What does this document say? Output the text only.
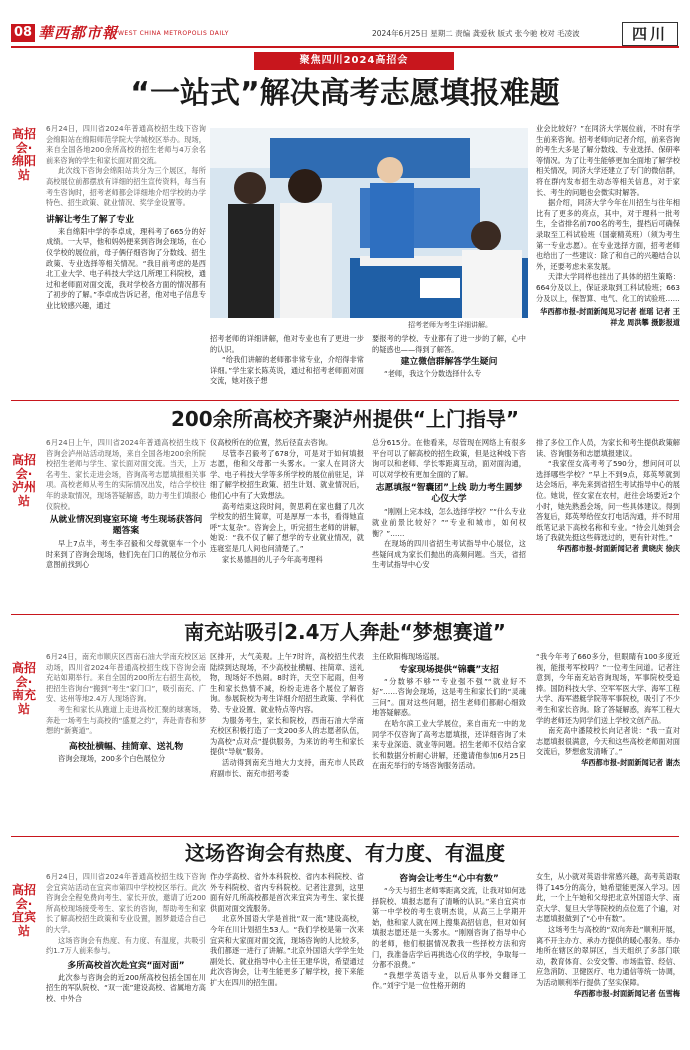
08 華西都市報 WEST CHINA METROPOLIS DAILY	2024年6月25日 星期二 责编 龚爱秋 版式 张今驰 校对 毛凌波	四川
聚焦四川2024高招会
“一站式”解决高考志愿填报难题
高招会·绵阳站

6月24日，四川省2024年普通高校招生线下咨询会绵阳站在绵阳师范学院大学城校区举办。现场，来自全国各地200余所高校的招生老师与4万余名前来咨询的学生和家长面对面交流。

此次线下咨询会绵阳站共分为三个展区，每所高校展位前都摆放有详细的招生宣传资料，每当有考生咨询时，招考老师都会详细地介绍学校的办学特色、招生政策、就业情况、奖学金设置等。

讲解让考生了解了专业

来自绵阳中学的李卓成，理科考了665分的好成绩。一大早，他和妈妈便来到咨询会现场，在心仪学校的展位前，母子俩仔细咨询了分数线、招生政策、专业选择等相关情况。“我目前考虑的是西北工业大学、电子科技大学这几所理工科院校，通过和老师面对面交流，我对学校各方面的情况都有了初步的了解。”李卓成告诉记者，他对电子信息专业比较感兴趣，通过

招考老师为考生详细讲解。

招考老师的详细讲解，他对专业也有了更进一步的认识。

“给我们讲解的老师都非常专业，介绍得非常详细。”学生家长陈英说，通过和招考老师面对面交流，她对孩子想

要报考的学校、专业都有了进一步的了解，心中的疑惑也——得到了解答。

建立微信群解答学生疑问

“老师，我这个分数选择什么专

业会比较好？”在同济大学展位前，不时有学生前来咨询。招考老师向记者介绍，前来咨询的考生大多是了解分数线、专业选择、保研率等情况。为了让考生能够更加全面地了解学校相关情况，同济大学还建立了专门的微信群，将在群内发布招生动态等相关信息，对于家长、考生的问题也会微实时解答。

据介绍，同济大学今年在川招生与往年相比有了更多的亮点，其中，对于理科一批考生，全省排名前700名的考生，提档后可确保录取至工科试验班（国豪精英班）（须为考生第一专业志愿）。在专业选择方面，招考老师也给出了一些建议：除了和自己的兴趣结合以外，还要考虑未来发展。

天津大学同样也挂出了具体的招生策略：664分及以上，保证录取到工科试验班；663分及以上，保智算、电气、化工的试验班……

华西都市报-封面新闻见习记者 崔瑶 记者 王祥龙 周洪攀 摄影报道

200余所高校齐聚泸州提供“上门指导”
高招会·泸州站

6月24日上午，四川省2024年普通高校招生线下咨询会泸州站活动现场，来自全国各地200余所院校招生老师与学生、家长面对面交流。当天，上万名考生、家长走进会场，咨询高考志愿填报相关事项。高校老师从考生的实际情况出发，结合学校往年的录取情况，现场答疑解惑，助力考生们填报心仪院校。

从就业情况到寝室环境 考生现场获答问题答案

早上7点半，考生李召毅和父母就驱车一个小时来到了咨询会现场，他们先在门口的展位分布示意图前找到心

仪高校所在的位置，然后径直去咨询。

尽管李召毅考了678分，可是对于如何填报志愿，他和父母都一头雾水。一家人在同济大学、电子科技大学等多所学校的展位前驻足，详细了解学校招生政策、招生计划、就业情况后，他们心中有了大致想法。

高考结束这段时间，贺思莉在家也翻了几次学校发的招生简章，可是厚厚一本书，看得她直呼“太复杂”。咨询会上，听完招生老师的讲解，她说：“我不仅了解了想学的专业就业情况，就连寝室是几人间也问清楚了。”

家长易德昌的儿子今年高考理科

总分615分。在他看来，尽管现在网络上有很多平台可以了解高校的招生政策，但是这种线下咨询可以和老师、学长零距离互动，面对面沟通，可以对学校有更加全面的了解。

志愿填报“智囊团”上线 助力考生圆梦心仪大学

“刚刚上完本线，怎么选择学校？”“什么专业就业前景比较好？”“专业和城市，如何权衡？”……

在现场的四川省招生考试指导中心展位，这些疑问成为家长们抛出的高频问题。当天，省招生考试指导中心安

排了多位工作人员，为家长和考生提供政策解读、咨询服务和志愿填报建议。

“我家侄女高考考了590分，想问问可以选择哪些学校？”早上不到9点，郑英琴就到达会场后，率先来到省招生考试指导中心的展位。她说，侄女家在农村，赶往会场要近2个小时，她先熟悉会场，问一些具体建议。得到答复后，郑英琴给侄女打电话沟通，并不时用纸笔记录下高校名称和专业。“待会儿她到会场了我就先挺这些筛选过的，更有针对性。”

华西都市报-封面新闻记者 黄晓庆 徐庆

南充站吸引2.4万人奔赴“梦想赛道”
高招会·南充站

6月24日，南充市顺庆区西南石油大学南充校区运动场，四川省2024年普通高校招生线下咨询会南充站如期举行。来自全国的200所左右招生高校，把招生咨询台“搬到”考生“家门口”，吸引南充、广安、达州等地2.4万人现场咨询。

考生和家长从跑道上走进高校汇聚的球赛场，奔赴一场考生与高校的“盛夏之约”，奔赴青春和梦想的“新赛道”。

高校扯横幅、挂简章、送礼物

咨询会现场，200多个白色展位分

区排开，大气美观。上午7时许，高校招生代表陆续到达现场，不少高校扯横幅、挂简章、送礼物，现场好不热闹。8时许，天空下起雨，但考生和家长热情不减，纷纷走进各个展位了解咨询。参展院校为考生详细介绍招生政策、学科优势、专业设置、就业特点等内容。

为服务考生，家长和院校，西南石油大学南充校区积极打造了一支200多人的志愿者队伍，为高校“点对点”提供服务，为来访的考生和家长提供“导航”服务。

活动得到南充当地大力支持，南充市人民政府副市长、南充市招考委

主任欧阳梅现场巡展。

专家现场提供“锦囊”支招

“分数够不够”“专业强不强”“就业好不好”……咨询会现场，这是考生和家长们的“灵魂三问”。面对这些问题，招生老师们都耐心细致地答疑解惑。

在哈尔滨工业大学展位，来自南充一中的龙同学不仅咨询了高考志愿填报，还详细咨询了未来专业深造、就业等问题。招生老师不仅结合家长和数据分析耐心讲解，还邀请他参加6月25日在南充举行的专场咨询服务活动。

“我今年考了660多分，但眼睛有100多度近视，能报考军校吗？”一位考生问道。记者注意到，今年南充站咨询现场，军事院校受追捧。国防科技大学、空军军医大学、海军工程大学、海军潜艇学院等军事院校，吸引了不少考生和家长咨询。除了答疑解惑，海军工程大学的老师还为同学们送上学校文创产品。

南充高中潘陵校长向记者说：“我一直对志愿填报很满意，今天和这些高校老师面对面交流后，梦想愈发清晰了。”

华西都市报-封面新闻记者 谢杰

这场咨询会有热度、有力度、有温度
高招会·宜宾站

6月24日，四川省2024年普通高校招生线下咨询会宜宾站活动在宜宾市第四中学校校区举行。此次咨询会全程免费向考生、家长开放，邀请了近200所高校现场接受考生、家长的咨询，帮助考生和家长了解高校招生政策和专业设置，圆梦最适合自己的大学。

这场咨询会有热度、有力度、有温度，共吸引约1.7万人前来参与。

多所高校首次赴宜宾“面对面”

此次参与咨询会的近200所高校包括全国在川招生的军队院校、“双一流”建设高校、省属地方高校、中外合

作办学高校、省外本科院校、省内本科院校、省外专科院校、省内专科院校。记者注意到，这里面有好几所高校都是首次来宜宾为考生、家长提供面对面交流服务。

北京外国语大学是首批“双一流”建设高校，今年在川计划招生53人。“我们学校是第一次来宜宾和大家面对面交流，现场咨询的人比较多，我们都逐一进行了讲解。”北京外国语大学学生处副处长、就业指导中心主任王建华说，希望通过此次咨询会，让考生能更多了解学校，接下来能扩大在四川的招生面。

咨询会让考生“心中有数”

“今天与招生老师零距离交流，让我对如何选择院校、填报志愿有了清晰的认识。”来自宜宾市第一中学校的考生袁明杰说，从高三上学期开始，他和家人就在网上搜集高招信息，但对如何填报志愿还是一头雾水。“刚刚咨询了指导中心的老师，他们根据情况教我一些择校方法和窍门，我准备店学后再挑选心仪的学校，争取每一分都不浪费。”

“我想学英语专业，以后从事外交翻译工作。”刘宇宁是一位性格开朗的

女生，从小就对英语非常感兴趣，高考英语取得了145分的高分，她希望能更深入学习。因此，一个上午她和父母把北京外国语大学、南京大学、复旦大学等院校的点位逛了个遍，对志愿填报做到了“心中有数”。

这场考生与高校的“双向奔赴”顺利开展，离不开主办方、承办方提供的暖心服务。举办地所在辖区的翠屏区，当天组织了多部门联动，教育体育、公安交警、市场监管、经信、应急消防、卫健医疗、电力通信等统一协调，为活动顺利举行提供了坚实保障。

华西都市报-封面新闻记者 伍雪梅
